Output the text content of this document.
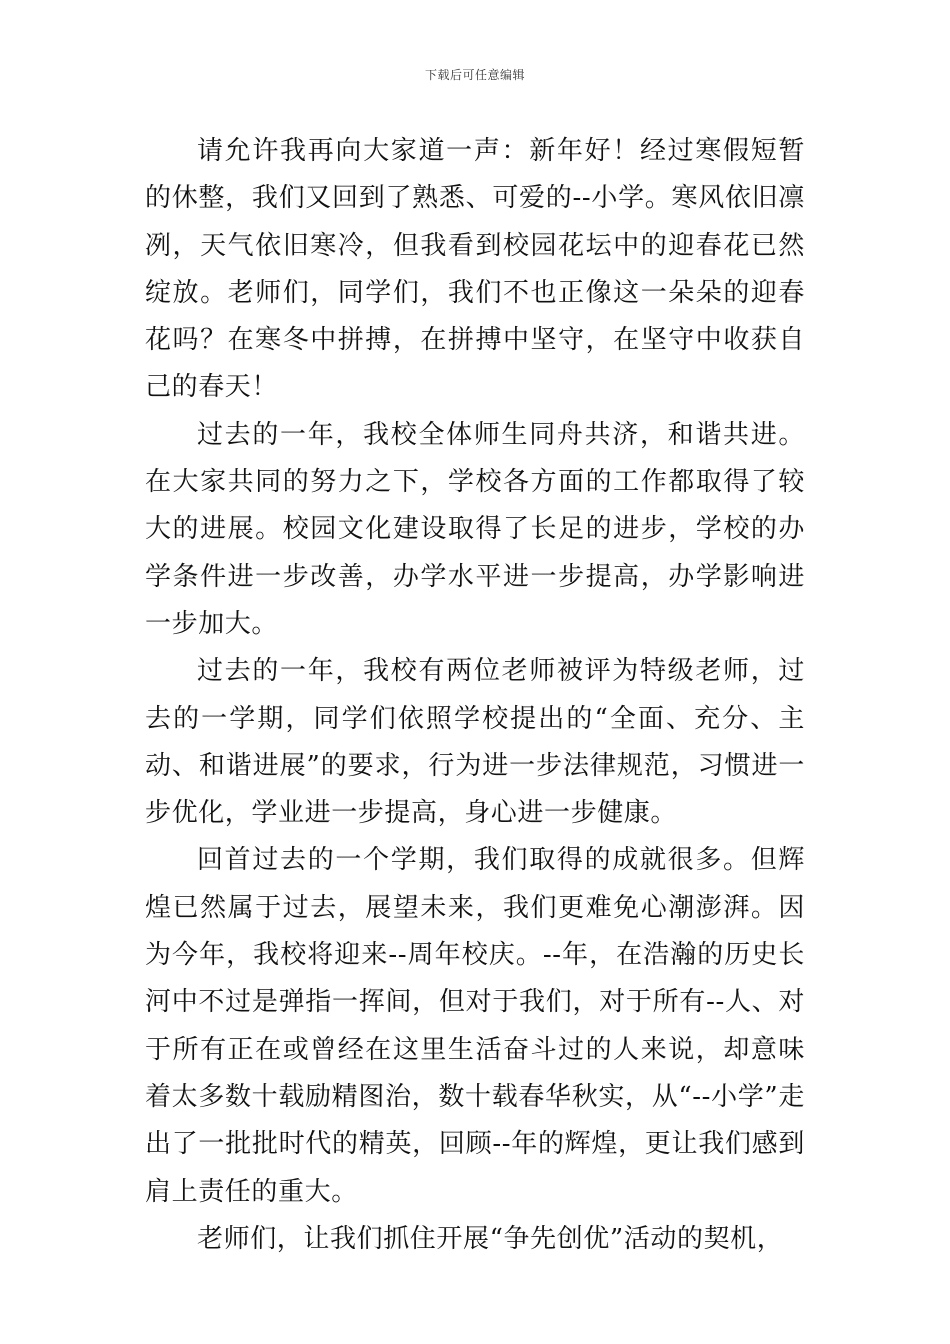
下载后可任意编辑

请允许我再向大家道一声：新年好！经过寒假短暂的休整，我们又回到了熟悉、可爱的--小学。寒风依旧凛冽，天气依旧寒冷，但我看到校园花坛中的迎春花已然绽放。老师们，同学们，我们不也正像这一朵朵的迎春花吗？在寒冬中拼搏，在拼搏中坚守，在坚守中收获自己的春天！

过去的一年，我校全体师生同舟共济，和谐共进。在大家共同的努力之下，学校各方面的工作都取得了较大的进展。校园文化建设取得了长足的进步，学校的办学条件进一步改善，办学水平进一步提高，办学影响进一步加大。

过去的一年，我校有两位老师被评为特级老师，过去的一学期，同学们依照学校提出的“全面、充分、主动、和谐进展”的要求，行为进一步法律规范，习惯进一步优化，学业进一步提高，身心进一步健康。

回首过去的一个学期，我们取得的成就很多。但辉煌已然属于过去，展望未来，我们更难免心潮澎湃。因为今年，我校将迎来--周年校庆。--年，在浩瀚的历史长河中不过是弹指一挥间，但对于我们，对于所有--人、对于所有正在或曾经在这里生活奋斗过的人来说，却意味着太多数十载励精图治，数十载春华秋实，从“--小学”走出了一批批时代的精英，回顾--年的辉煌，更让我们感到肩上责任的重大。

老师们，让我们抓住开展“争先创优”活动的契机，
